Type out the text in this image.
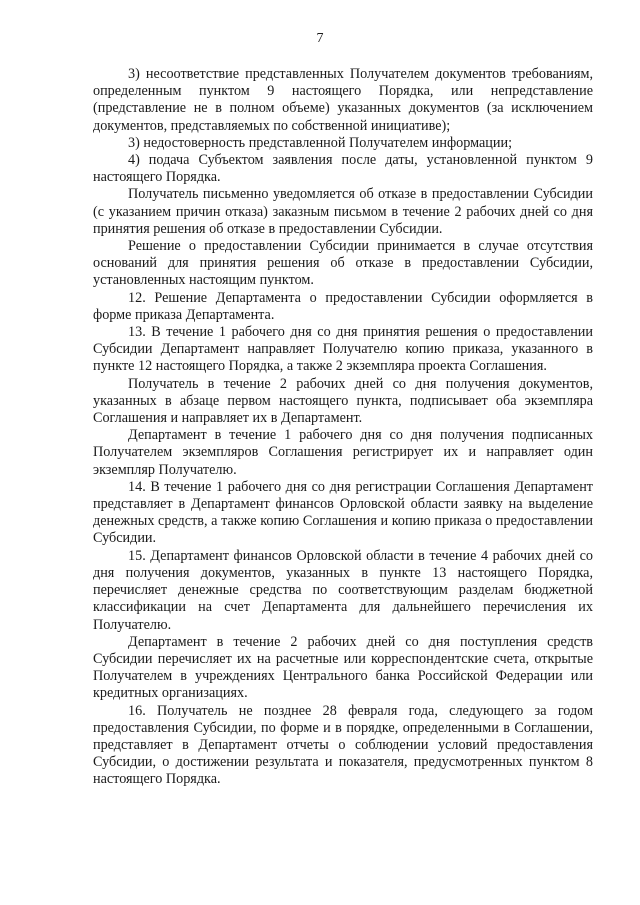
7

3) несоответствие представленных Получателем документов требованиям, определенным пунктом 9 настоящего Порядка, или непредставление (представление не в полном объеме) указанных документов (за исключением документов, представляемых по собственной инициативе);

3) недостоверность представленной Получателем информации;

4) подача Субъектом заявления после даты, установленной пунктом 9 настоящего Порядка.

Получатель письменно уведомляется об отказе в предоставлении Субсидии (с указанием причин отказа) заказным письмом в течение 2 рабочих дней со дня принятия решения об отказе в предоставлении Субсидии.

Решение о предоставлении Субсидии принимается в случае отсутствия оснований для принятия решения об отказе в предоставлении Субсидии, установленных настоящим пунктом.

12. Решение Департамента о предоставлении Субсидии оформляется в форме приказа Департамента.

13. В течение 1 рабочего дня со дня принятия решения о предоставлении Субсидии Департамент направляет Получателю копию приказа, указанного в пункте 12 настоящего Порядка, а также 2 экземпляра проекта Соглашения.

Получатель в течение 2 рабочих дней со дня получения документов, указанных в абзаце первом настоящего пункта, подписывает оба экземпляра Соглашения и направляет их в Департамент.

Департамент в течение 1 рабочего дня со дня получения подписанных Получателем экземпляров Соглашения регистрирует их и направляет один экземпляр Получателю.

14. В течение 1 рабочего дня со дня регистрации Соглашения Департамент представляет в Департамент финансов Орловской области заявку на выделение денежных средств, а также копию Соглашения и копию приказа о предоставлении Субсидии.

15. Департамент финансов Орловской области в течение 4 рабочих дней со дня получения документов, указанных в пункте 13 настоящего Порядка, перечисляет денежные средства по соответствующим разделам бюджетной классификации на счет Департамента для дальнейшего перечисления их Получателю.

Департамент в течение 2 рабочих дней со дня поступления средств Субсидии перечисляет их на расчетные или корреспондентские счета, открытые Получателем в учреждениях Центрального банка Российской Федерации или кредитных организациях.

16. Получатель не позднее 28 февраля года, следующего за годом предоставления Субсидии, по форме и в порядке, определенными в Соглашении, представляет в Департамент отчеты о соблюдении условий предоставления Субсидии, о достижении результата и показателя, предусмотренных пунктом 8 настоящего Порядка.
